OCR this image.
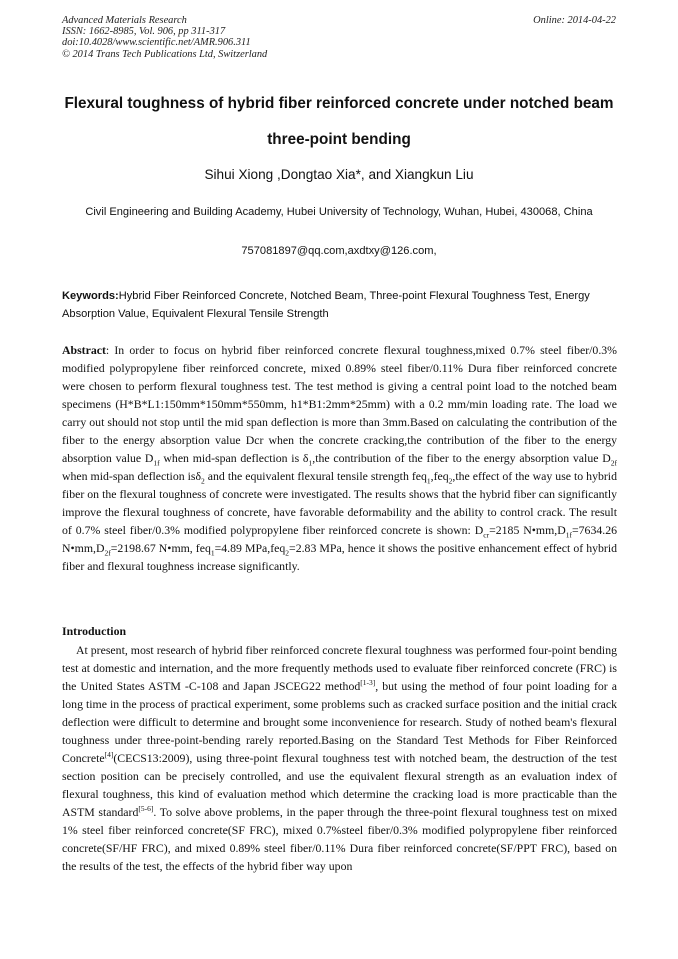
Advanced Materials Research
ISSN: 1662-8985, Vol. 906, pp 311-317
doi:10.4028/www.scientific.net/AMR.906.311
© 2014 Trans Tech Publications Ltd, Switzerland
Online: 2014-04-22
Flexural toughness of hybrid fiber reinforced concrete under notched beam three-point bending
Sihui Xiong ,Dongtao Xia*, and Xiangkun Liu
Civil Engineering and Building Academy, Hubei University of Technology, Wuhan, Hubei, 430068, China
757081897@qq.com,axdtxy@126.com,
Keywords:Hybrid Fiber Reinforced Concrete, Notched Beam, Three-point Flexural Toughness Test, Energy Absorption Value, Equivalent Flexural Tensile Strength
Abstract: In order to focus on hybrid fiber reinforced concrete flexural toughness,mixed 0.7% steel fiber/0.3% modified polypropylene fiber reinforced concrete, mixed 0.89% steel fiber/0.11% Dura fiber reinforced concrete were chosen to perform flexural toughness test. The test method is giving a central point load to the notched beam specimens (H*B*L1:150mm*150mm*550mm, h1*B1:2mm*25mm) with a 0.2 mm/min loading rate. The load we carry out should not stop until the mid span deflection is more than 3mm.Based on calculating the contribution of the fiber to the energy absorption value Dcr when the concrete cracking,the contribution of the fiber to the energy absorption value $D_{1f}$ when mid-span deflection is $\delta_1,the$ contribution of the fiber to the energy absorption value $D_{2f}$ when mid-span deflection isδ$_2$ and the equivalent flexural tensile strength feq$_1$,feq$_2$,the effect of the way use to hybrid fiber on the flexural toughness of concrete were investigated. The results shows that the hybrid fiber can significantly improve the flexural toughness of concrete, have favorable deformability and the ability to control crack. The result of 0.7% steel fiber/0.3% modified polypropylene fiber reinforced concrete is shown: $D_{cr}=2185$ $N•mm,D_{1f}=7634.26$ $N•mm,D_{2f}=2198.67$ N•mm, feq$_1$=4.89 MPa,feq$_2$=2.83 MPa, hence it shows the positive enhancement effect of hybrid fiber and flexural toughness increase significantly.
Introduction
At present, most research of hybrid fiber reinforced concrete flexural toughness was performed four-point bending test at domestic and internation, and the more frequently methods used to evaluate fiber reinforced concrete (FRC) is the United States ASTM -C-108 and Japan JSCEG22 method[1-3], but using the method of four point loading for a long time in the process of practical experiment, some problems such as cracked surface position and the initial crack deflection were difficult to determine and brought some inconvenience for research. Study of nothed beam's flexural toughness under three-point-bending rarely reported.Basing on the Standard Test Methods for Fiber Reinforced Concrete[4](CECS13:2009), using three-point flexural toughness test with notched beam, the destruction of the test section position can be precisely controlled, and use the equivalent flexural strength as an evaluation index of flexural toughness, this kind of evaluation method which determine the cracking load is more practicable than the ASTM standard[5-6]. To solve above problems, in the paper through the three-point flexural toughness test on mixed 1% steel fiber reinforced concrete(SF FRC), mixed 0.7%steel fiber/0.3% modified polypropylene fiber reinforced concrete(SF/HF FRC), and mixed 0.89% steel fiber/0.11% Dura fiber reinforced concrete(SF/PPT FRC), based on the results of the test, the effects of the hybrid fiber way upon
